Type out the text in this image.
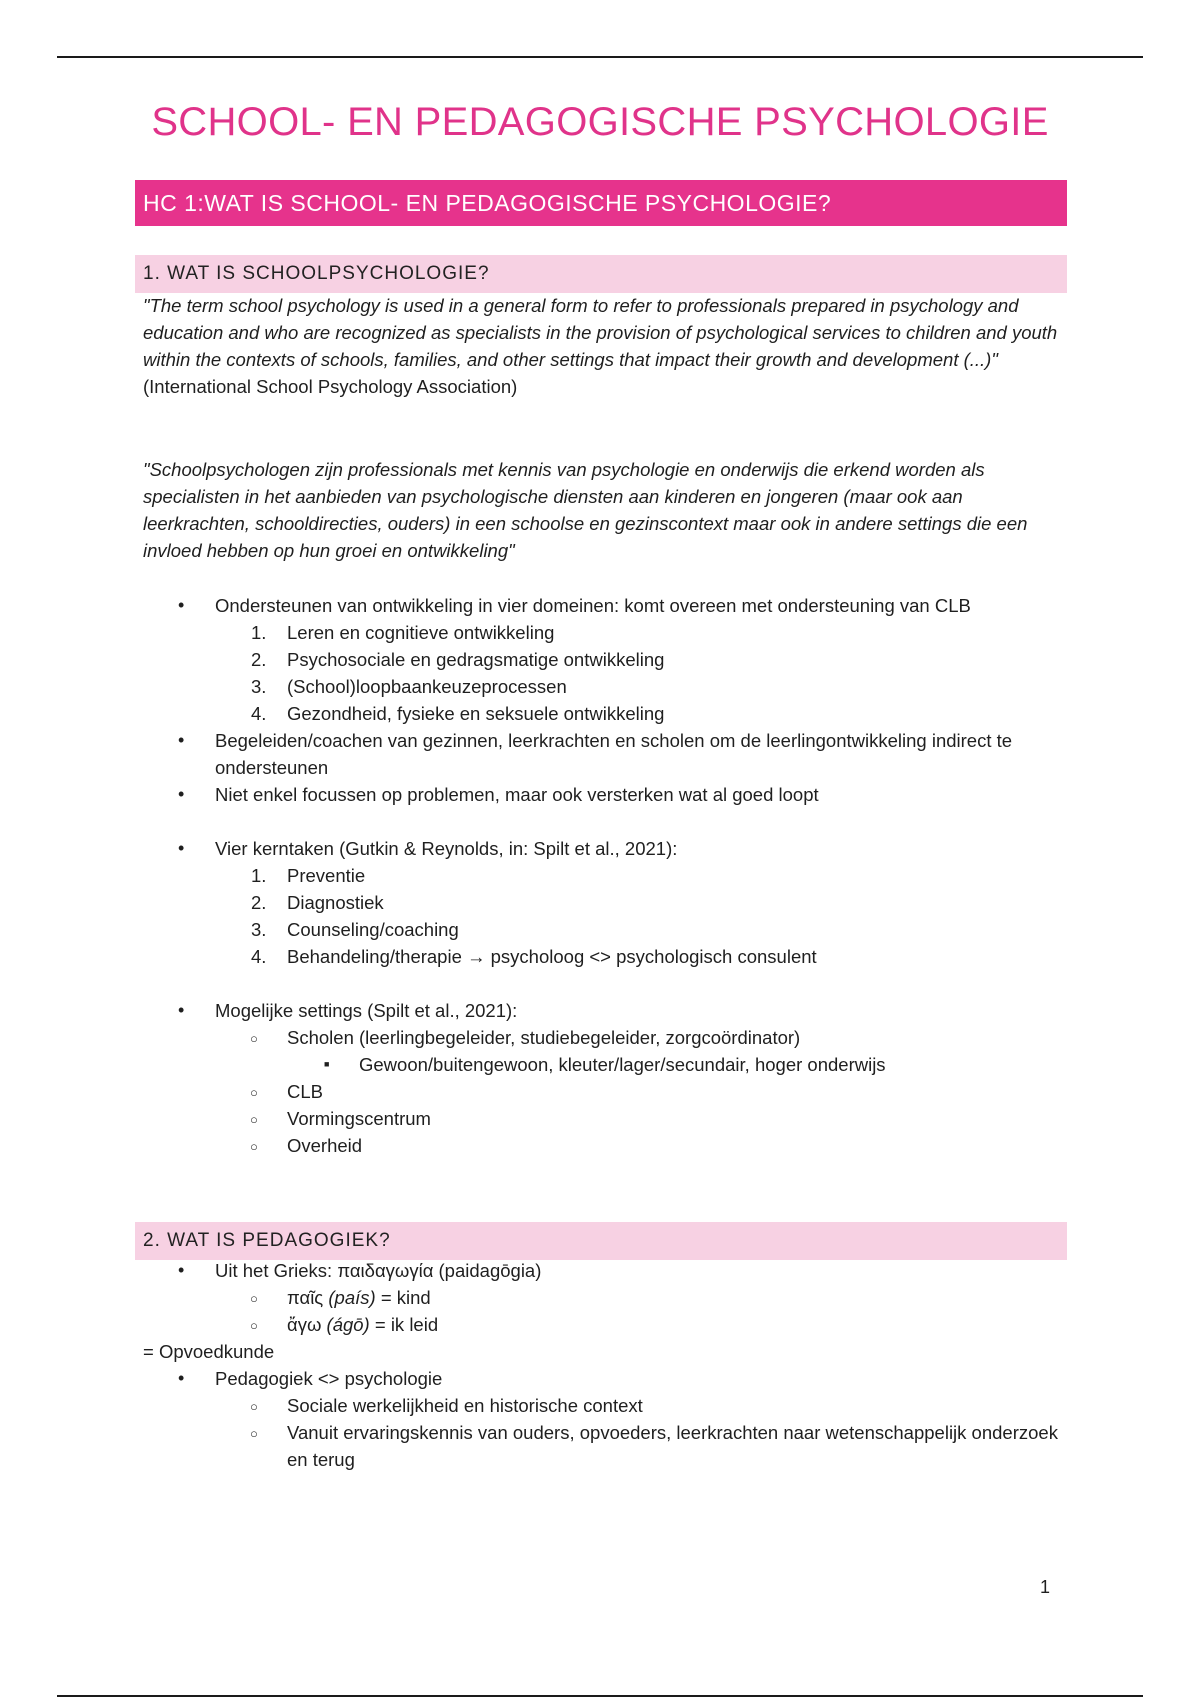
SCHOOL- EN PEDAGOGISCHE PSYCHOLOGIE
HC 1:WAT IS SCHOOL- EN PEDAGOGISCHE PSYCHOLOGIE?
1. WAT IS SCHOOLPSYCHOLOGIE?

"The term school psychology is used in a general form to refer to professionals prepared in psychology and education and who are recognized as specialists in the provision of psychological services to children and youth within the contexts of schools, families, and other settings that impact their growth and development (...)"

(International School Psychology Association)

"Schoolpsychologen zijn professionals met kennis van psychologie en onderwijs die erkend worden als specialisten in het aanbieden van psychologische diensten aan kinderen en jongeren (maar ook aan leerkrachten, schooldirecties, ouders) in een schoolse en gezinscontext maar ook in andere settings die een invloed hebben op hun groei en ontwikkeling"

• Ondersteunen van ontwikkeling in vier domeinen: komt overeen met ondersteuning van CLB
Leren en cognitieve ontwikkeling
Psychosociale en gedragsmatige ontwikkeling
(School)loopbaankeuzeprocessen
Gezondheid, fysieke en seksuele ontwikkeling
• Begeleiden/coachen van gezinnen, leerkrachten en scholen om de leerlingontwikkeling indirect te ondersteunen
• Niet enkel focussen op problemen, maar ook versterken wat al goed loopt
• Vier kerntaken (Gutkin & Reynolds, in: Spilt et al., 2021):
Preventie
Diagnostiek
Counseling/coaching
Behandeling/therapie → psycholoog <> psychologisch consulent
• Mogelijke settings (Spilt et al., 2021):
○ Scholen (leerlingbegeleider, studiebegeleider, zorgcoördinator)
■ Gewoon/buitengewoon, kleuter/lager/secundair, hoger onderwijs
○ CLB
○ Vormingscentrum
○ Overheid
2. WAT IS PEDAGOGIEK?
• Uit het Grieks: παιδαγωγία (paidagōgia)
○ παῖς (país) = kind
○ ἄγω (ágō) = ik leid

= Opvoedkunde

• Pedagogiek <> psychologie
○ Sociale werkelijkheid en historische context
○ Vanuit ervaringskennis van ouders, opvoeders, leerkrachten naar wetenschappelijk onderzoek en terug
1
